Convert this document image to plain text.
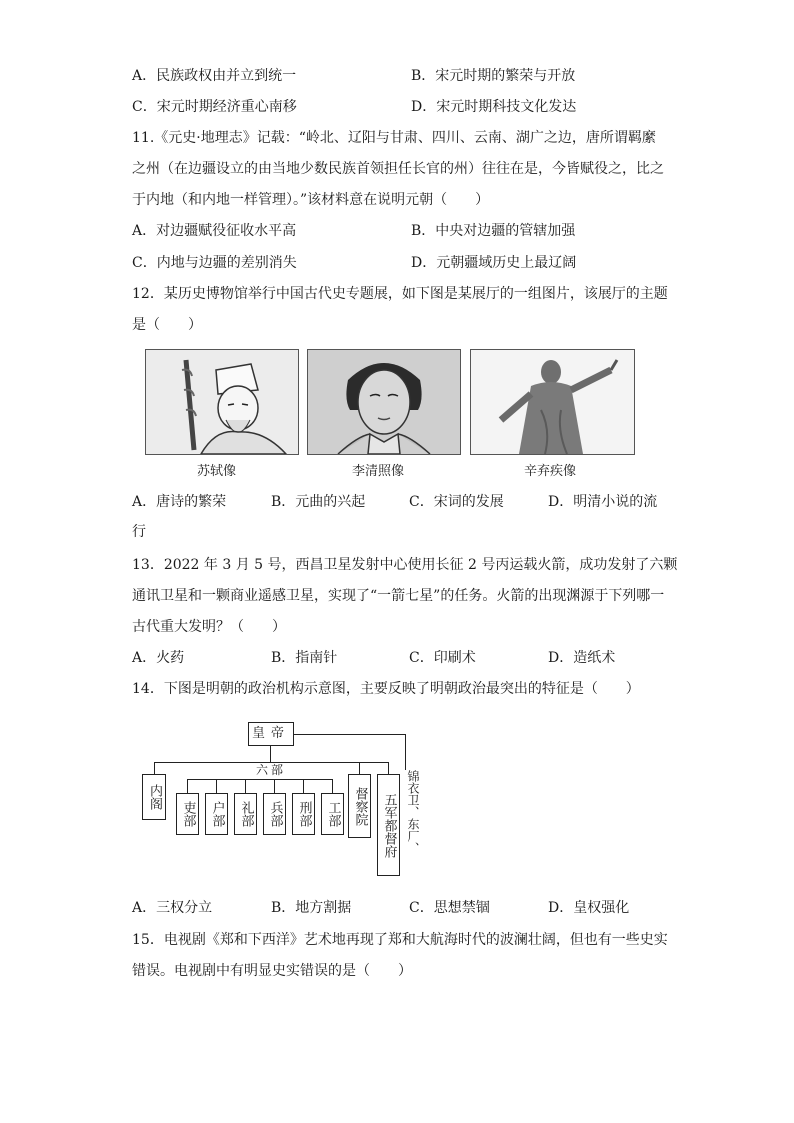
A．民族政权由并立到统一	B．宋元时期的繁荣与开放
C．宋元时期经济重心南移	D．宋元时期科技文化发达
11.《元史·地理志》记载：“岭北、辽阳与甘肃、四川、云南、湖广之边，唐所谓羁縻
之州（在边疆设立的由当地少数民族首领担任长官的州）往往在是，今皆赋役之，比之
于内地（和内地一样管理）。”该材料意在说明元朝（　　）
A．对边疆赋役征收水平高	B．中央对边疆的管辖加强
C．内地与边疆的差别消失	D．元朝疆域历史上最辽阔
12．某历史博物馆举行中国古代史专题展，如下图是某展厅的一组图片，该展厅的主题
是（　　）
苏轼像	李清照像	辛弃疾像
A．唐诗的繁荣	B．元曲的兴起	C．宋词的发展	D．明清小说的流
行
13．2022 年 3 月 5 号，西昌卫星发射中心使用长征 2 号丙运载火箭，成功发射了六颗
通讯卫星和一颗商业遥感卫星，实现了“一箭七星”的任务。火箭的出现渊源于下列哪一
古代重大发明？（　　）
A．火药	B．指南针	C．印刷术	D．造纸术
14．下图是明朝的政治机构示意图，主要反映了明朝政治最突出的特征是（　　）
皇帝
六部
内阁
吏部	户部	礼部	兵部	刑部	工部 督察院	五军都督府 锦衣卫、东厂、
A．三权分立	B．地方割据	C．思想禁锢	D．皇权强化
15．电视剧《郑和下西洋》艺术地再现了郑和大航海时代的波澜壮阔，但也有一些史实
错误。电视剧中有明显史实错误的是（　　）
